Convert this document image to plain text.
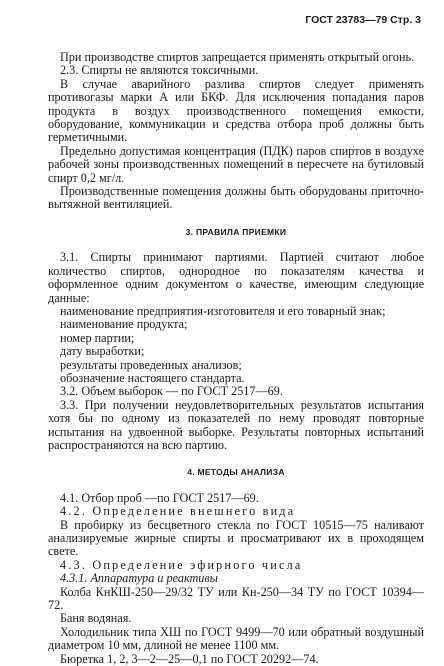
ГОСТ 23783—79 Стр. 3

При производстве спиртов запрещается применять открытый огонь.

2.3. Спирты не являются токсичными.

В случае аварийного разлива спиртов следует применять противогазы марки А или БКФ. Для исключения попадания паров продукта в воздух производственного помещения емкости, оборудование, коммуникации и средства отбора проб должны быть герметичными.

Предельно допустимая концентрация (ПДК) паров спиртов в воздухе рабочей зоны производственных помещений в пересчете на бутиловый спирт 0,2 мг/л.

Производственные помещения должны быть оборудованы приточно-вытяжной вентиляцией.

3. ПРАВИЛА ПРИЕМКИ

3.1. Спирты принимают партиями. Партией считают любое количество спиртов, однородное по показателям качества и оформленное одним документом о качестве, имеющим следующие данные:

наименование предприятия-изготовителя и его товарный знак;

наименование продукта;

номер партии;

дату выработки;

результаты проведенных анализов;

обозначение настоящего стандарта.

3.2. Объем выборок — по ГОСТ 2517—69.

3.3. При получении неудовлетворительных результатов испытания хотя бы по одному из показателей по нему проводят повторные испытания на удвоенной выборке. Результаты повторных испытаний распространяются на всю партию.

4. МЕТОДЫ АНАЛИЗА

4.1. Отбор проб —по ГОСТ 2517—69.

4.2. Определение внешнего вида

В пробирку из бесцветного стекла по ГОСТ 10515—75 наливают анализируемые жирные спирты и просматривают их в проходящем свете.

4.3. Определение эфирного числа

4.3.1. Аппаратура и реактивы

Колба КнКШ-250—29/32 ТУ или Кн-250—34 ТУ по ГОСТ 10394—72.

Баня водяная.

Холодильник типа ХШ по ГОСТ 9499—70 или обратный воздушный диаметром 10 мм, длиной не менее 1100 мм.

Бюретка 1, 2, 3—2—25—0,1 по ГОСТ 20292—74.
